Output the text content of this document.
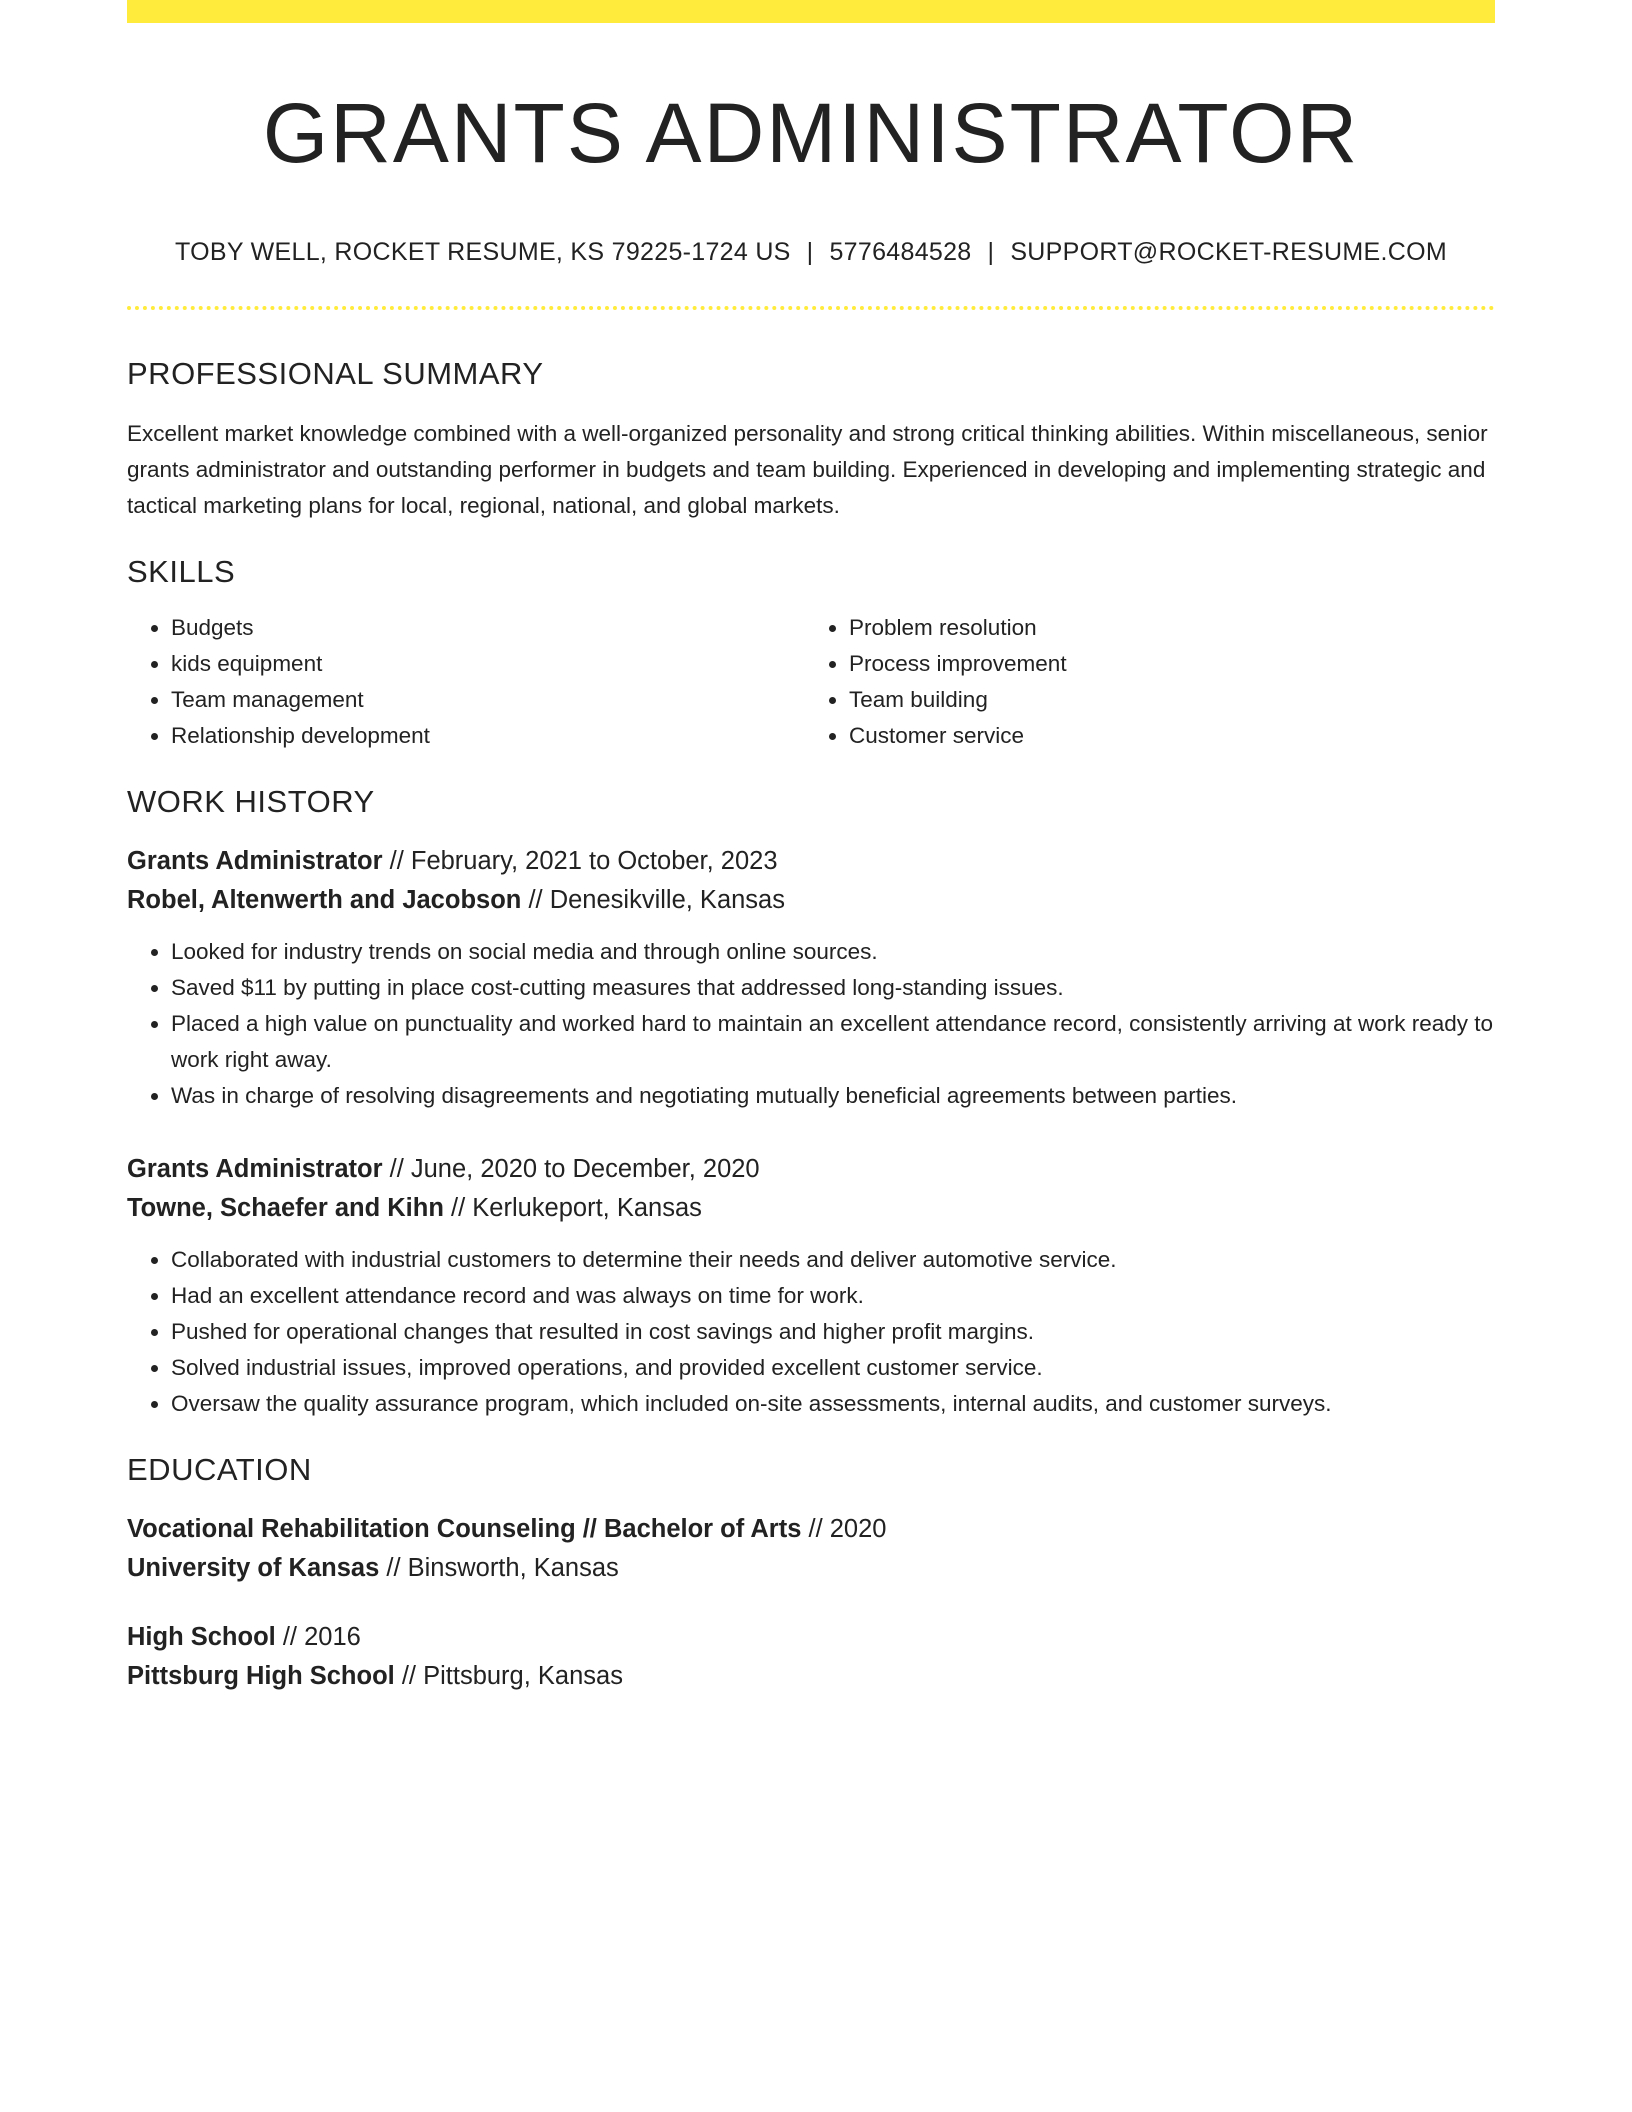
GRANTS ADMINISTRATOR
TOBY WELL, ROCKET RESUME, KS 79225-1724 US | 5776484528 | SUPPORT@ROCKET-RESUME.COM
PROFESSIONAL SUMMARY

Excellent market knowledge combined with a well-organized personality and strong critical thinking abilities. Within miscellaneous, senior grants administrator and outstanding performer in budgets and team building. Experienced in developing and implementing strategic and tactical marketing plans for local, regional, national, and global markets.

SKILLS
• Budgets
• kids equipment
• Team management
• Relationship development
• Problem resolution
• Process improvement
• Team building
• Customer service
WORK HISTORY
Grants Administrator // February, 2021 to October, 2023
Robel, Altenwerth and Jacobson // Denesikville, Kansas
• Looked for industry trends on social media and through online sources.
• Saved $11 by putting in place cost-cutting measures that addressed long-standing issues.
• Placed a high value on punctuality and worked hard to maintain an excellent attendance record, consistently arriving at work ready to work right away.
• Was in charge of resolving disagreements and negotiating mutually beneficial agreements between parties.
Grants Administrator // June, 2020 to December, 2020
Towne, Schaefer and Kihn // Kerlukeport, Kansas
• Collaborated with industrial customers to determine their needs and deliver automotive service.
• Had an excellent attendance record and was always on time for work.
• Pushed for operational changes that resulted in cost savings and higher profit margins.
• Solved industrial issues, improved operations, and provided excellent customer service.
• Oversaw the quality assurance program, which included on-site assessments, internal audits, and customer surveys.
EDUCATION
Vocational Rehabilitation Counseling // Bachelor of Arts // 2020
University of Kansas // Binsworth, Kansas
High School // 2016
Pittsburg High School // Pittsburg, Kansas
